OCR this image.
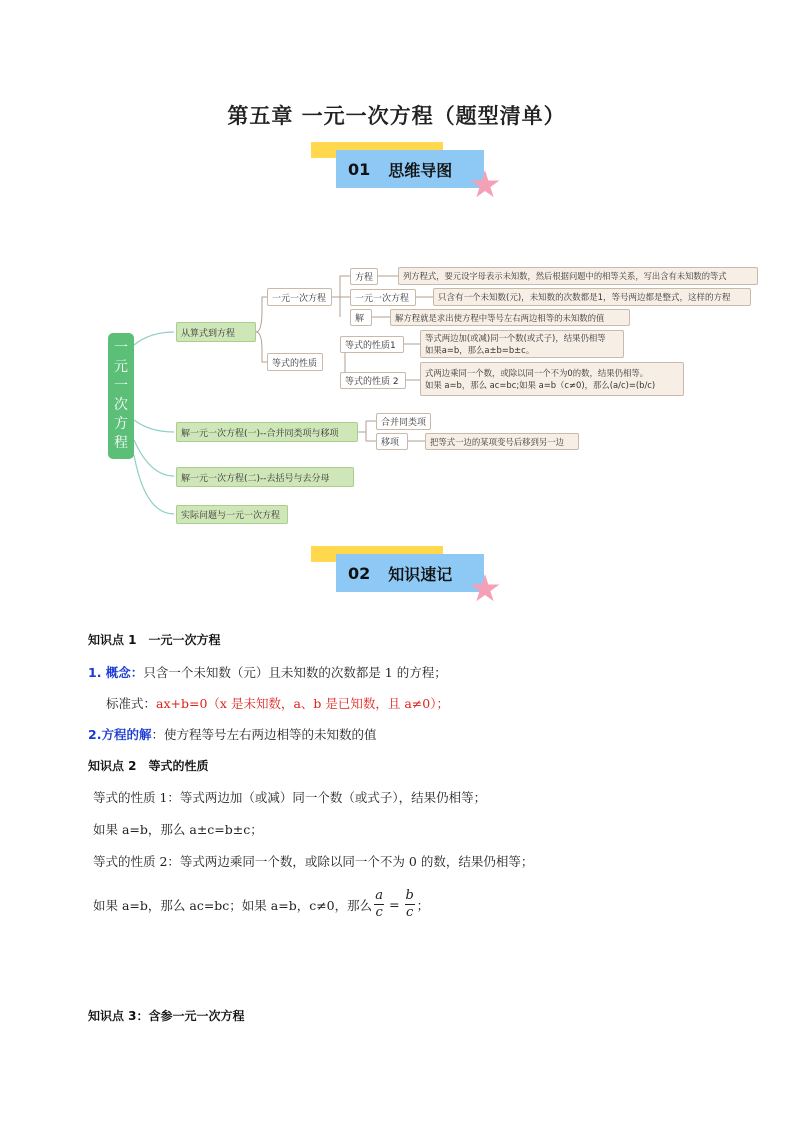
第五章 一元一次方程（题型清单）
01 思维导图
一
元
一
次
方
程
从算式到方程
解一元一次方程(一)--合并同类项与移项
解一元一次方程(二)--去括号与去分母
实际问题与一元一次方程
一元一次方程
等式的性质
方程
一元一次方程
解
等式的性质1
等式的性质 2
合并同类项
移项
列方程式，要元设字母表示未知数，然后根据问题中的相等关系，写出含有未知数的等式
只含有一个未知数(元)，未知数的次数都是1，等号两边都是整式，这样的方程
解方程就是求出使方程中等号左右两边相等的未知数的值
等式两边加(或减)同一个数(或式子)，结果仍相等
如果a=b，那么a±b=b±c。
式两边乘同一个数，或除以同一个不为0的数，结果仍相等。
如果 a=b，那么 ac=bc;如果 a=b（c≠0)，那么(a/c)=(b/c)
把等式一边的某项变号后移到另一边
02 知识速记
知识点 1　一元一次方程
1. 概念：只含一个未知数（元）且未知数的次数都是 1 的方程；
标准式：ax+b=0（x 是未知数，a、b 是已知数，且 a≠0）；
2.方程的解：使方程等号左右两边相等的未知数的值
知识点 2　等式的性质
等式的性质 1：等式两边加（或减）同一个数（或式子），结果仍相等；
如果 a=b，那么 a±c=b±c；
等式的性质 2：等式两边乘同一个数，或除以同一个不为 0 的数，结果仍相等；
如果 a=b，那么 ac=bc；如果 a=b，c≠0，那么 $\frac{a}{c} = \frac{b}{c}$ ；
知识点 3：含参一元一次方程
